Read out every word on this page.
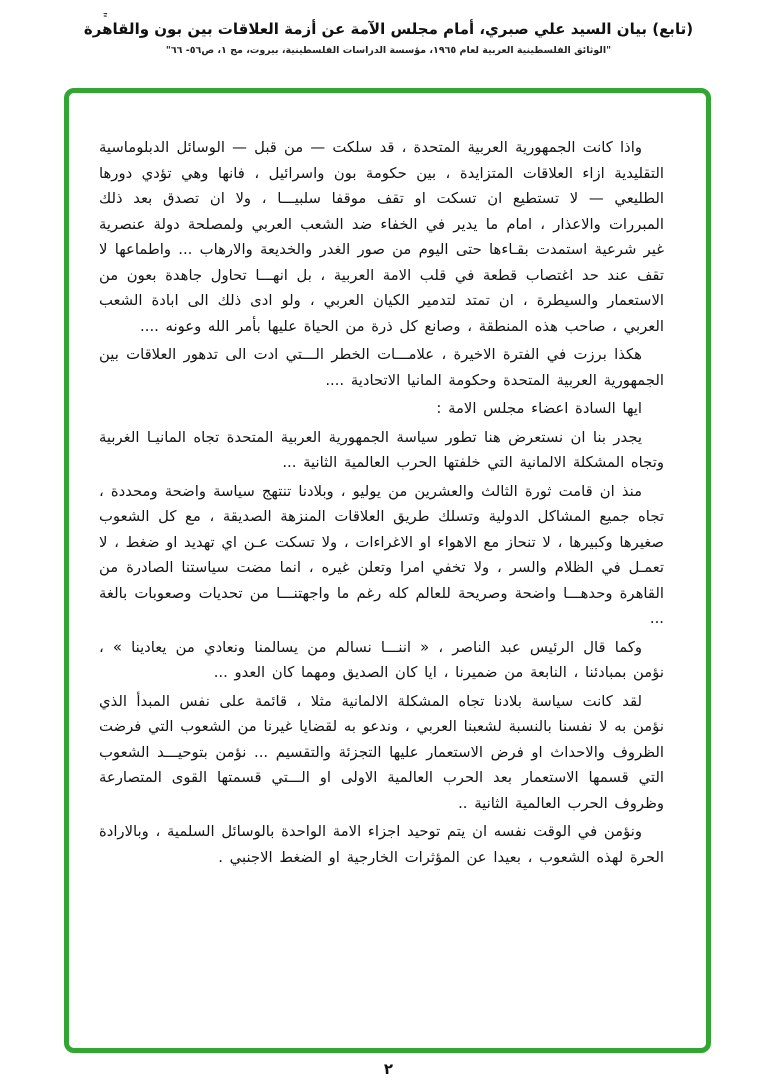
ـٍ
(تابع) بيان السيد علي صبري، أمام مجلس الآمة عن أزمة العلاقات بين بون والقاهرة
"الوثائق الفلسطينية العربية لعام ١٩٦٥، مؤسسة الدراسات الفلسطينية، بيروت، مج ١، ص٥٦- ٦٦"

واذا كانت الجمهورية العربية المتحدة ، قد سلكت — من قبل — الوسائل الدبلوماسية التقليدية ازاء العلاقات المتزايدة ، بين حكومة بون واسرائيل ، فانها وهي تؤدي دورها الطليعي — لا تستطيع ان تسكت او تقف موقفا سلبيـــا ، ولا ان تصدق بعد ذلك المبررات والاعذار ، امام ما يدير في الخفاء ضد الشعب العربي ولمصلحة دولة عنصرية غير شرعية استمدت بقـاءها حتى اليوم من صور الغدر والخديعة والارهاب ... واطماعها لا تقف عند حد اغتصاب قطعة في قلب الامة العربية ، بل انهـــا تحاول جاهدة بعون من الاستعمار والسيطرة ، ان تمتد لتدمير الكيان العربي ، ولو ادى ذلك الى ابادة الشعب العربي ، صاحب هذه المنطقة ، وصانع كل ذرة من الحياة عليها بأمر الله وعونه ....

هكذا برزت في الفترة الاخيرة ، علامـــات الخطر الـــتي ادت الى تدهور العلاقات بين الجمهورية العربية المتحدة وحكومة المانيا الاتحادية ....

ايها السادة اعضاء مجلس الامة :

يجدر بنا ان نستعرض هنا تطور سياسة الجمهورية العربية المتحدة تجاه المانيـا الغربية وتجاه المشكلة الالمانية التي خلفتها الحرب العالمية الثانية ...

منذ ان قامت ثورة الثالث والعشرين من يوليو ، وبلادنا تنتهج سياسة واضحة ومحددة ، تجاه جميع المشاكل الدولية وتسلك طريق العلاقات المنزهة الصديقة ، مع كل الشعوب صغيرها وكبيرها ، لا تنحاز مع الاهواء او الاغراءات ، ولا تسكت عـن اي تهديد او ضغط ، لا تعمـل في الظلام والسر ، ولا تخفي امرا وتعلن غيره ، انما مضت سياستنا الصادرة من القاهرة وحدهـــا واضحة وصريحة للعالم كله رغم ما واجهتنـــا من تحديات وصعوبات بالغة ...

وكما قال الرئيس عبد الناصر ، « اننـــا نسالم من يسالمنا ونعادي من يعادينا » ، نؤمن بمبادئنا ، النابعة من ضميرنا ، ايا كان الصديق ومهما كان العدو ...

لقد كانت سياسة بلادنا تجاه المشكلة الالمانية مثلا ، قائمة على نفس المبدأ الذي نؤمن به لا نفسنا بالنسبة لشعبنا العربي ، وندعو به لقضايا غيرنا من الشعوب التي فرضت الظروف والاحداث او فرض الاستعمار عليها التجزئة والتقسيم ... نؤمن بتوحيـــد الشعوب التي قسمها الاستعمار بعد الحرب العالمية الاولى او الـــتي قسمتها القوى المتصارعة وظروف الحرب العالمية الثانية ..

ونؤمن في الوقت نفسه ان يتم توحيد اجزاء الامة الواحدة بالوسائل السلمية ، وبالارادة الحرة لهذه الشعوب ، بعيدا عن المؤثرات الخارجية او الضغط الاجنبي .

٢
